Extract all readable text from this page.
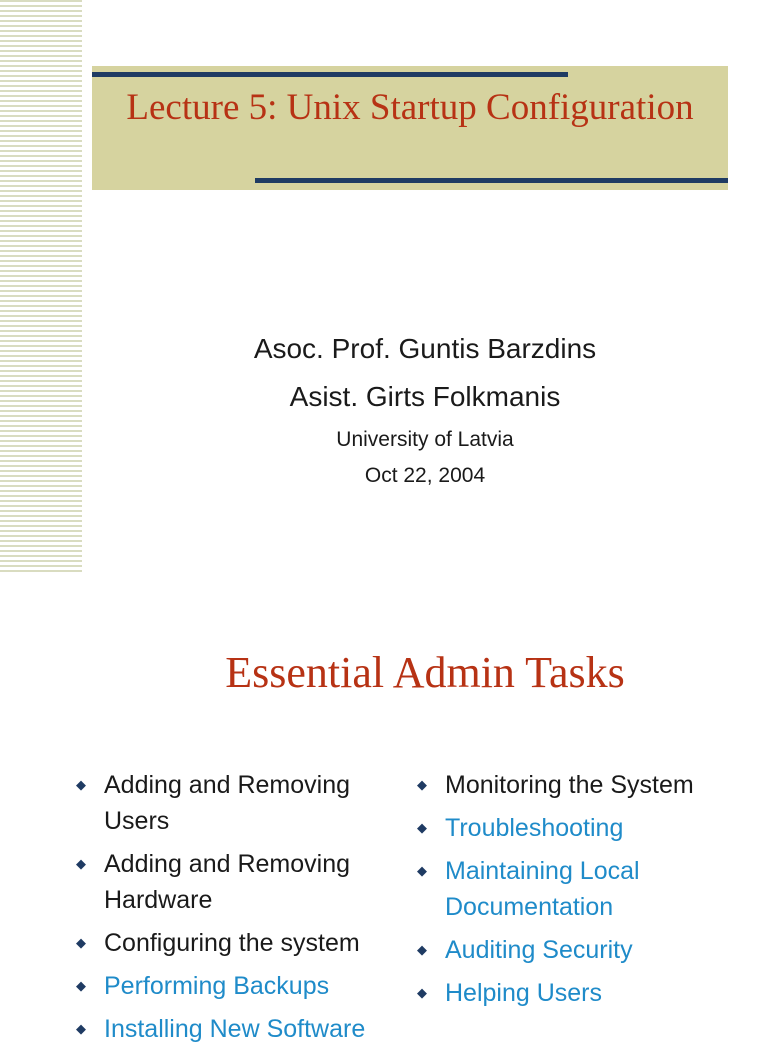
Lecture 5: Unix Startup Configuration
Asoc. Prof. Guntis Barzdins
Asist. Girts Folkmanis
University of Latvia
Oct 22, 2004
Essential Admin Tasks
◆ Adding and Removing Users
◆ Adding and Removing Hardware
◆ Configuring the system
◆ Performing Backups
◆ Installing New Software
◆ Monitoring the System
◆ Troubleshooting
◆ Maintaining Local Documentation
◆ Auditing Security
◆ Helping Users
